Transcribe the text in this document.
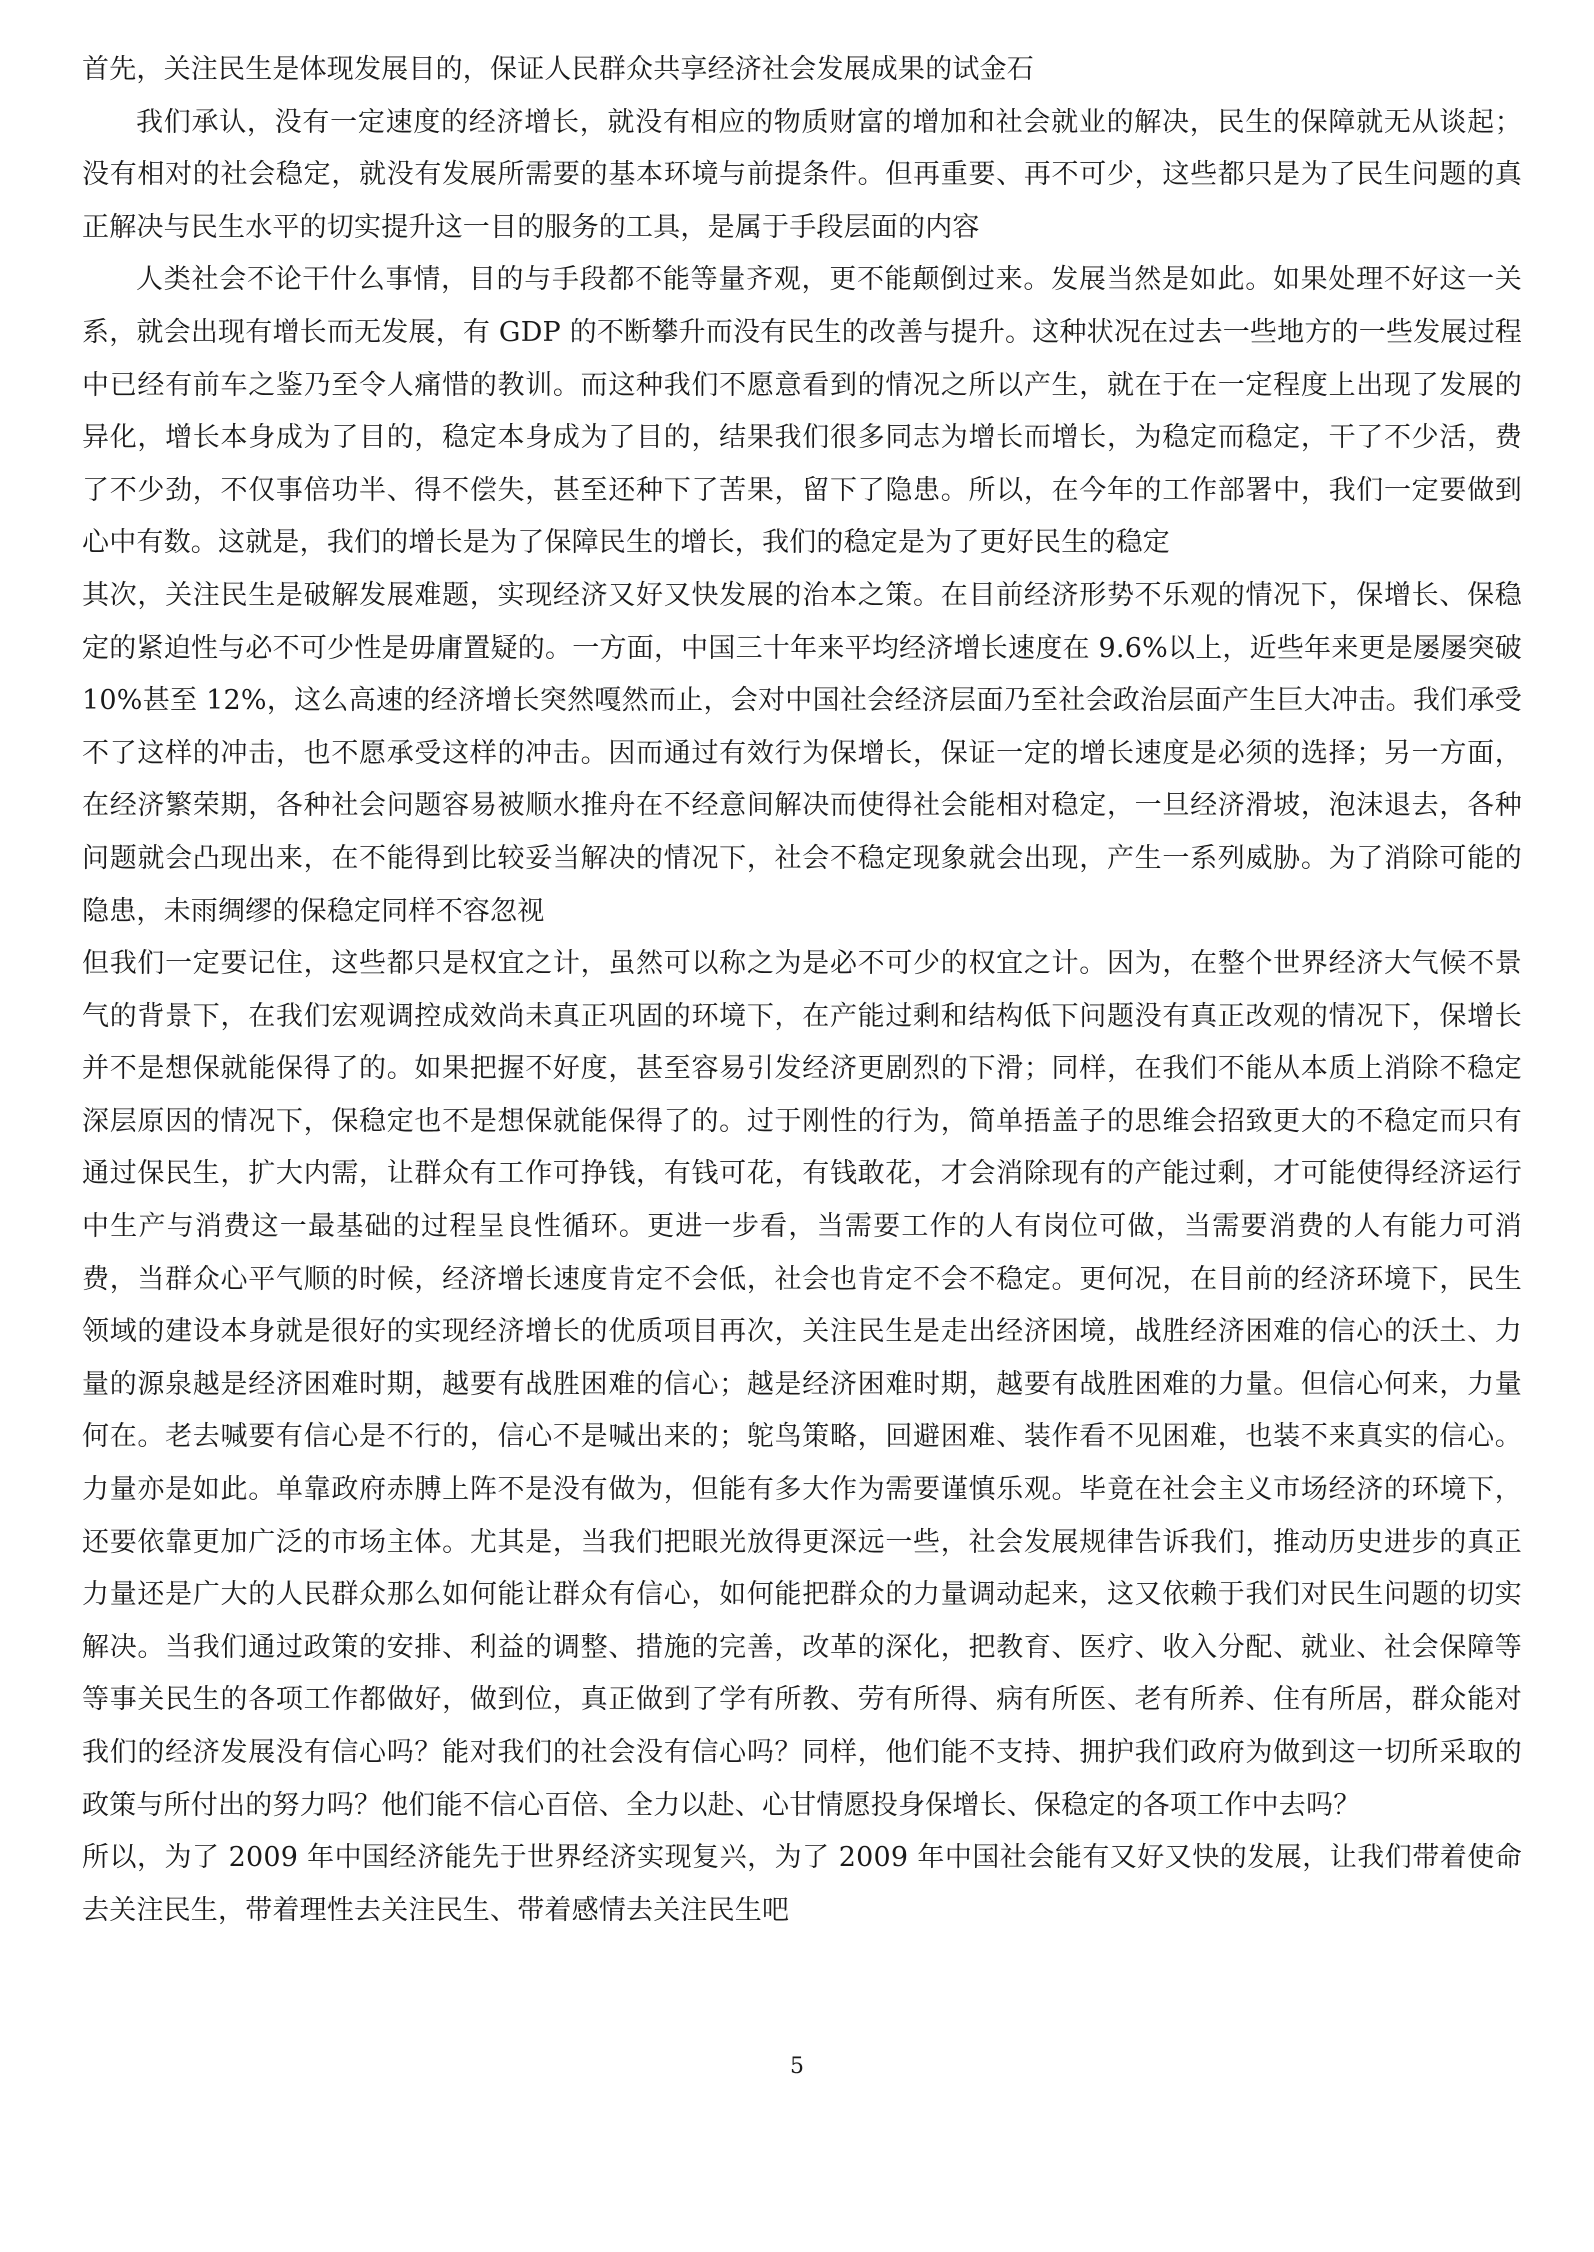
首先，关注民生是体现发展目的，保证人民群众共享经济社会发展成果的试金石

我们承认，没有一定速度的经济增长，就没有相应的物质财富的增加和社会就业的解决，民生的保障就无从谈起；没有相对的社会稳定，就没有发展所需要的基本环境与前提条件。但再重要、再不可少，这些都只是为了民生问题的真正解决与民生水平的切实提升这一目的服务的工具，是属于手段层面的内容

人类社会不论干什么事情，目的与手段都不能等量齐观，更不能颠倒过来。发展当然是如此。如果处理不好这一关系，就会出现有增长而无发展，有 GDP 的不断攀升而没有民生的改善与提升。这种状况在过去一些地方的一些发展过程中已经有前车之鉴乃至令人痛惜的教训。而这种我们不愿意看到的情况之所以产生，就在于在一定程度上出现了发展的异化，增长本身成为了目的，稳定本身成为了目的，结果我们很多同志为增长而增长，为稳定而稳定，干了不少活，费了不少劲，不仅事倍功半、得不偿失，甚至还种下了苦果，留下了隐患。所以，在今年的工作部署中，我们一定要做到心中有数。这就是，我们的增长是为了保障民生的增长，我们的稳定是为了更好民生的稳定

其次，关注民生是破解发展难题，实现经济又好又快发展的治本之策。在目前经济形势不乐观的情况下，保增长、保稳定的紧迫性与必不可少性是毋庸置疑的。一方面，中国三十年来平均经济增长速度在 9.6%以上，近些年来更是屡屡突破 10%甚至 12%，这么高速的经济增长突然嘎然而止，会对中国社会经济层面乃至社会政治层面产生巨大冲击。我们承受不了这样的冲击，也不愿承受这样的冲击。因而通过有效行为保增长，保证一定的增长速度是必须的选择；另一方面，在经济繁荣期，各种社会问题容易被顺水推舟在不经意间解决而使得社会能相对稳定，一旦经济滑坡，泡沫退去，各种问题就会凸现出来，在不能得到比较妥当解决的情况下，社会不稳定现象就会出现，产生一系列威胁。为了消除可能的隐患，未雨绸缪的保稳定同样不容忽视

但我们一定要记住，这些都只是权宜之计，虽然可以称之为是必不可少的权宜之计。因为，在整个世界经济大气候不景气的背景下，在我们宏观调控成效尚未真正巩固的环境下，在产能过剩和结构低下问题没有真正改观的情况下，保增长并不是想保就能保得了的。如果把握不好度，甚至容易引发经济更剧烈的下滑；同样，在我们不能从本质上消除不稳定深层原因的情况下，保稳定也不是想保就能保得了的。过于刚性的行为，简单捂盖子的思维会招致更大的不稳定而只有通过保民生，扩大内需，让群众有工作可挣钱，有钱可花，有钱敢花，才会消除现有的产能过剩，才可能使得经济运行中生产与消费这一最基础的过程呈良性循环。更进一步看，当需要工作的人有岗位可做，当需要消费的人有能力可消费，当群众心平气顺的时候，经济增长速度肯定不会低，社会也肯定不会不稳定。更何况，在目前的经济环境下，民生领域的建设本身就是很好的实现经济增长的优质项目再次，关注民生是走出经济困境，战胜经济困难的信心的沃土、力量的源泉越是经济困难时期，越要有战胜困难的信心；越是经济困难时期，越要有战胜困难的力量。但信心何来，力量何在。老去喊要有信心是不行的，信心不是喊出来的；鸵鸟策略，回避困难、装作看不见困难，也装不来真实的信心。力量亦是如此。单靠政府赤膊上阵不是没有做为，但能有多大作为需要谨慎乐观。毕竟在社会主义市场经济的环境下，还要依靠更加广泛的市场主体。尤其是，当我们把眼光放得更深远一些，社会发展规律告诉我们，推动历史进步的真正力量还是广大的人民群众那么如何能让群众有信心，如何能把群众的力量调动起来，这又依赖于我们对民生问题的切实解决。当我们通过政策的安排、利益的调整、措施的完善，改革的深化，把教育、医疗、收入分配、就业、社会保障等等事关民生的各项工作都做好，做到位，真正做到了学有所教、劳有所得、病有所医、老有所养、住有所居，群众能对我们的经济发展没有信心吗？能对我们的社会没有信心吗？同样，他们能不支持、拥护我们政府为做到这一切所采取的政策与所付出的努力吗？他们能不信心百倍、全力以赴、心甘情愿投身保增长、保稳定的各项工作中去吗？

所以，为了 2009 年中国经济能先于世界经济实现复兴，为了 2009 年中国社会能有又好又快的发展，让我们带着使命去关注民生，带着理性去关注民生、带着感情去关注民生吧

5
